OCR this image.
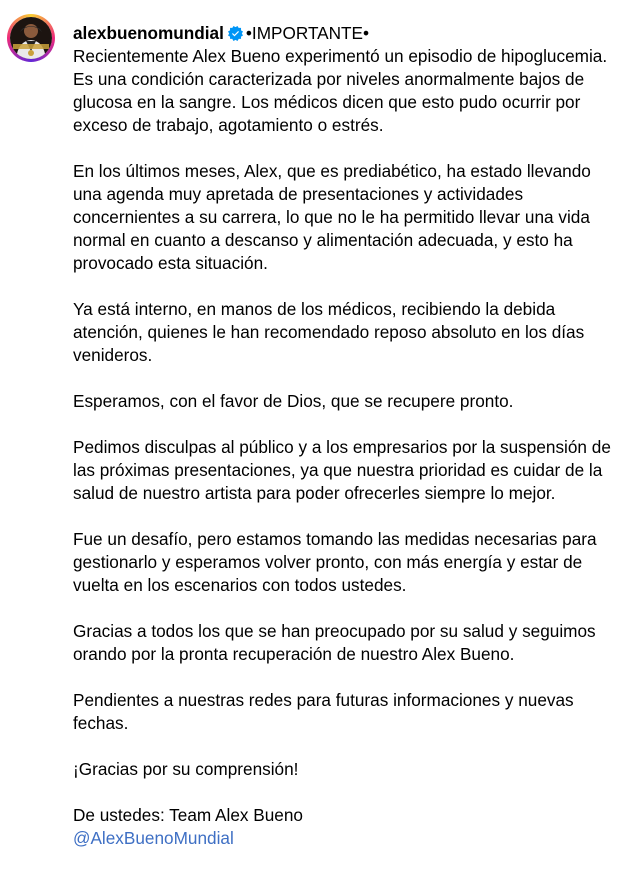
alexbuenomundial •IMPORTANTE•

Recientemente Alex Bueno experimentó un episodio de hipoglucemia. Es una condición caracterizada por niveles anormalmente bajos de glucosa en la sangre. Los médicos dicen que esto pudo ocurrir por exceso de trabajo, agotamiento o estrés.

En los últimos meses, Alex, que es prediabético, ha estado llevando una agenda muy apretada de presentaciones y actividades concernientes a su carrera, lo que no le ha permitido llevar una vida normal en cuanto a descanso y alimentación adecuada, y esto ha provocado esta situación.

Ya está interno, en manos de los médicos, recibiendo la debida atención, quienes le han recomendado reposo absoluto en los días venideros.

Esperamos, con el favor de Dios, que se recupere pronto.

Pedimos disculpas al público y a los empresarios por la suspensión de las próximas presentaciones, ya que nuestra prioridad es cuidar de la salud de nuestro artista para poder ofrecerles siempre lo mejor.

Fue un desafío, pero estamos tomando las medidas necesarias para gestionarlo y esperamos volver pronto, con más energía y estar de vuelta en los escenarios con todos ustedes.

Gracias a todos los que se han preocupado por su salud y seguimos orando por la pronta recuperación de nuestro Alex Bueno.

Pendientes a nuestras redes para futuras informaciones y nuevas fechas.

¡Gracias por su comprensión!

De ustedes: Team Alex Bueno

@AlexBuenoMundial
